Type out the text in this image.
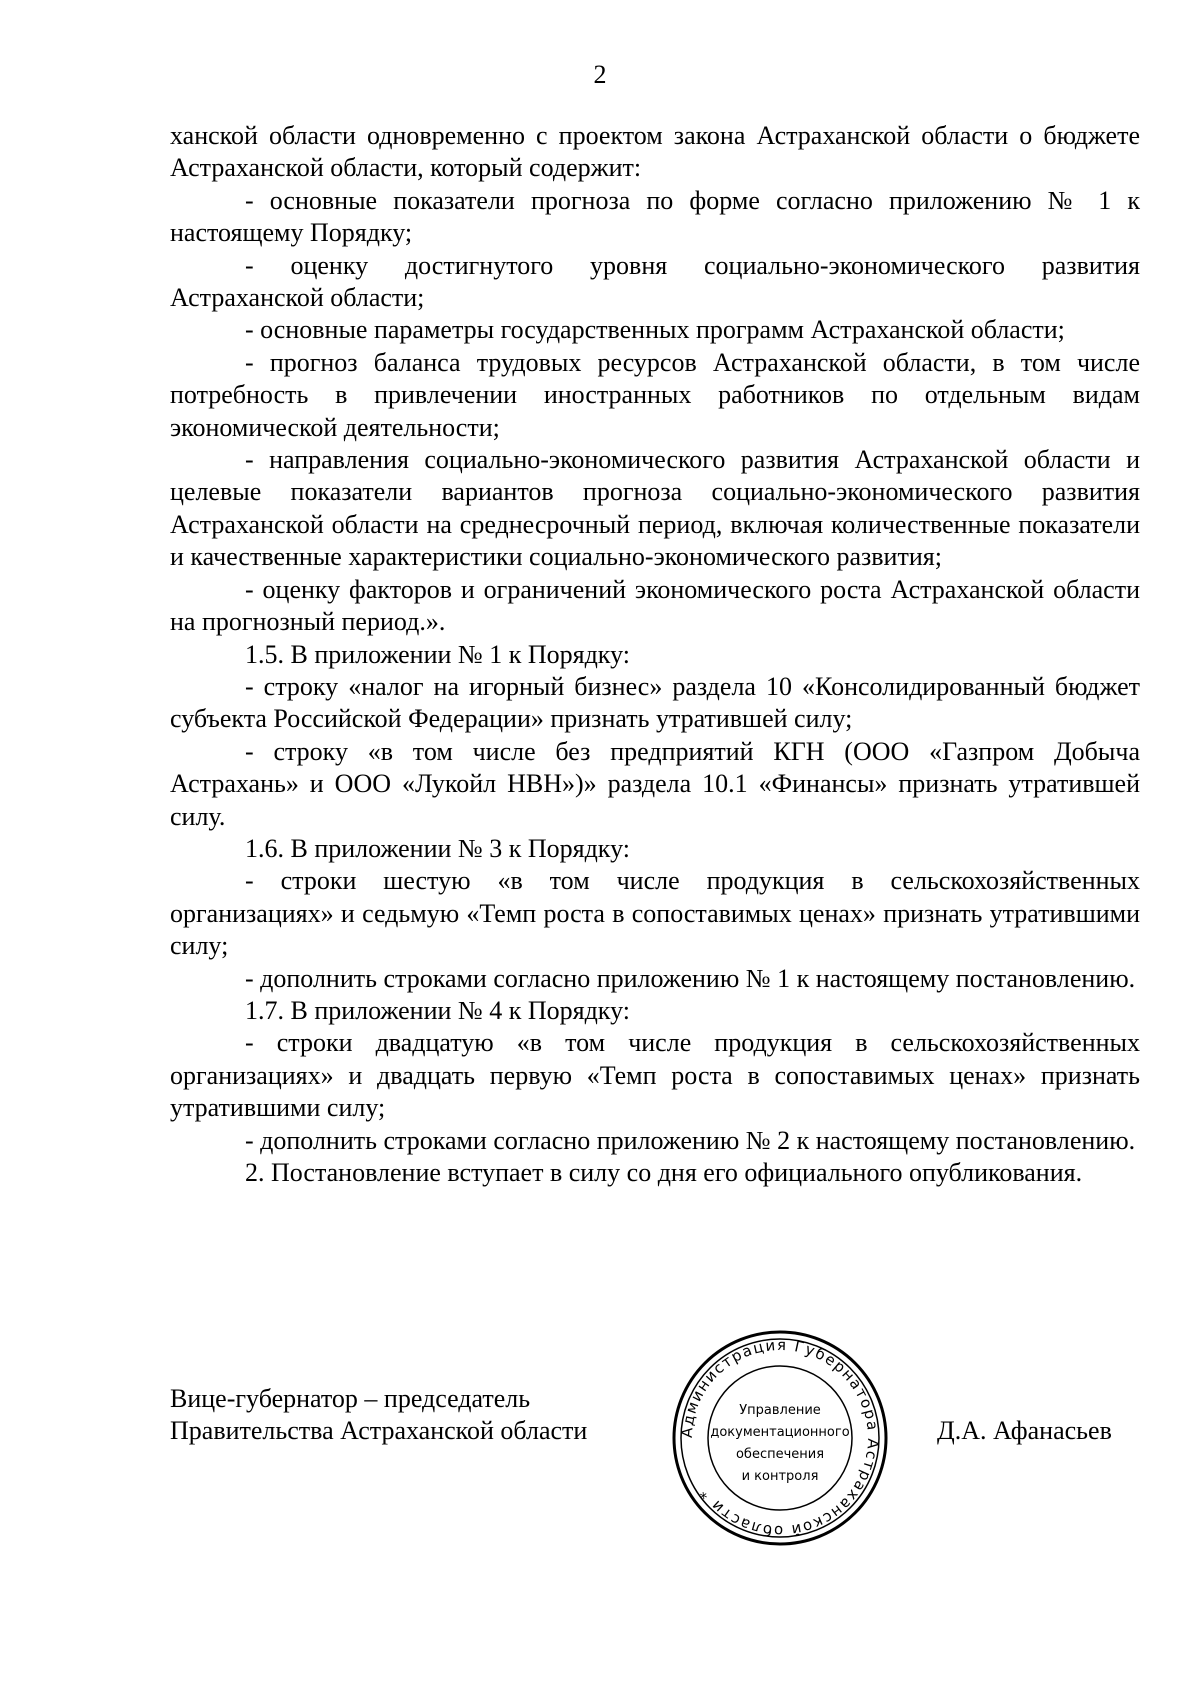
2

ханской области одновременно с проектом закона Астраханской области о бюджете Астраханской области, который содержит:

- основные показатели прогноза по форме согласно приложению № 1 к настоящему Порядку;

- оценку достигнутого уровня социально-экономического развития Астраханской области;

- основные параметры государственных программ Астраханской области;

- прогноз баланса трудовых ресурсов Астраханской области, в том числе потребность в привлечении иностранных работников по отдельным видам экономической деятельности;

- направления социально-экономического развития Астраханской области и целевые показатели вариантов прогноза социально-экономического развития Астраханской области на среднесрочный период, включая количественные показатели и качественные характеристики социально-экономического развития;

- оценку факторов и ограничений экономического роста Астраханской области на прогнозный период.».

1.5. В приложении № 1 к Порядку:

- строку «налог на игорный бизнес» раздела 10 «Консолидированный бюджет субъекта Российской Федерации» признать утратившей силу;

- строку «в том числе без предприятий КГН (ООО «Газпром Добыча Астрахань» и ООО «Лукойл НВН»)» раздела 10.1 «Финансы» признать утратившей силу.

1.6. В приложении № 3 к Порядку:

- строки шестую «в том числе продукция в сельскохозяйственных организациях» и седьмую «Темп роста в сопоставимых ценах» признать утратившими силу;

- дополнить строками согласно приложению № 1 к настоящему постановлению.

1.7. В приложении № 4 к Порядку:

- строки двадцатую «в том числе продукция в сельскохозяйственных организациях» и двадцать первую «Темп роста в сопоставимых ценах» признать утратившими силу;

- дополнить строками согласно приложению № 2 к настоящему постановлению.

2. Постановление вступает в силу со дня его официального опубликования.

Вице-губернатор – председатель
Правительства Астраханской области	Администрация Губернатора Астраханской области *
Управление
документационного
обеспечения
и контроля
Д.А. Афанасьев
